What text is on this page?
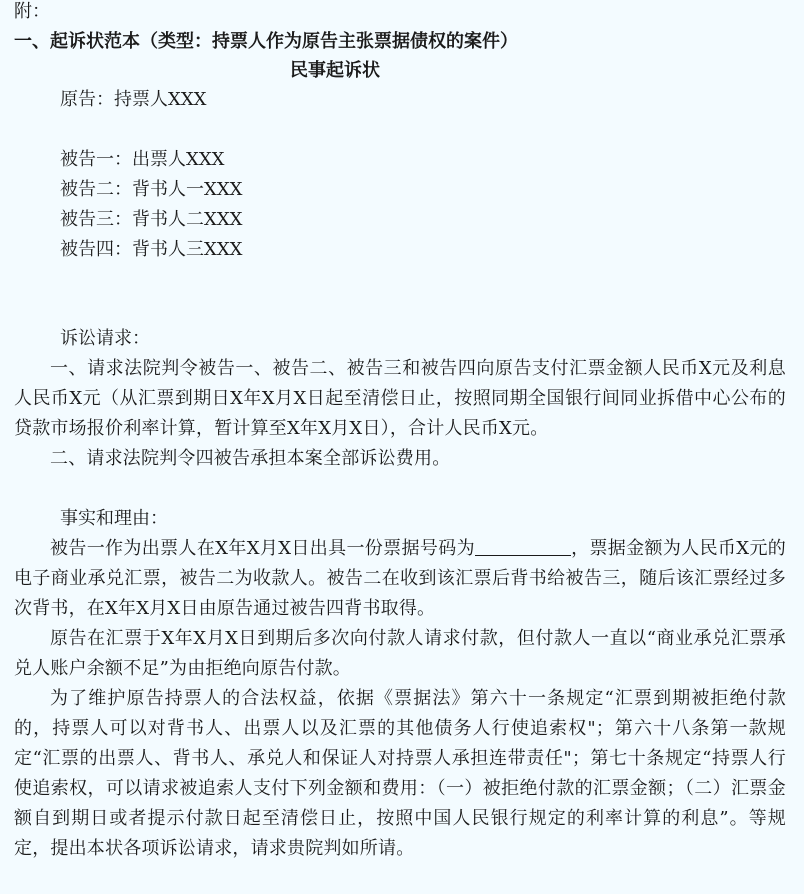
附：
一、起诉状范本（类型：持票人作为原告主张票据债权的案件）
民事起诉状
原告：持票人XXX
被告一：出票人XXX
被告二：背书人一XXX
被告三：背书人二XXX
被告四：背书人三XXX
诉讼请求：
一、请求法院判令被告一、被告二、被告三和被告四向原告支付汇票金额人民币X元及利息人民币X元（从汇票到期日X年X月X日起至清偿日止，按照同期全国银行间同业拆借中心公布的贷款市场报价利率计算，暂计算至X年X月X日），合计人民币X元。
二、请求法院判令四被告承担本案全部诉讼费用。
事实和理由：
被告一作为出票人在X年X月X日出具一份票据号码为	，票据金额为人民币X元的电子商业承兑汇票，被告二为收款人。被告二在收到该汇票后背书给被告三，随后该汇票经过多次背书，在X年X月X日由原告通过被告四背书取得。
原告在汇票于X年X月X日到期后多次向付款人请求付款，但付款人一直以“商业承兑汇票承兑人账户余额不足”为由拒绝向原告付款。
为了维护原告持票人的合法权益，依据《票据法》第六十一条规定“汇票到期被拒绝付款的，持票人可以对背书人、出票人以及汇票的其他债务人行使追索权"；第六十八条第一款规定“汇票的出票人、背书人、承兑人和保证人对持票人承担连带责任"；第七十条规定“持票人行使追索权，可以请求被追索人支付下列金额和费用：（一）被拒绝付款的汇票金额；（二）汇票金额自到期日或者提示付款日起至清偿日止，按照中国人民银行规定的利率计算的利息”。等规定，提出本状各项诉讼请求，请求贵院判如所请。
